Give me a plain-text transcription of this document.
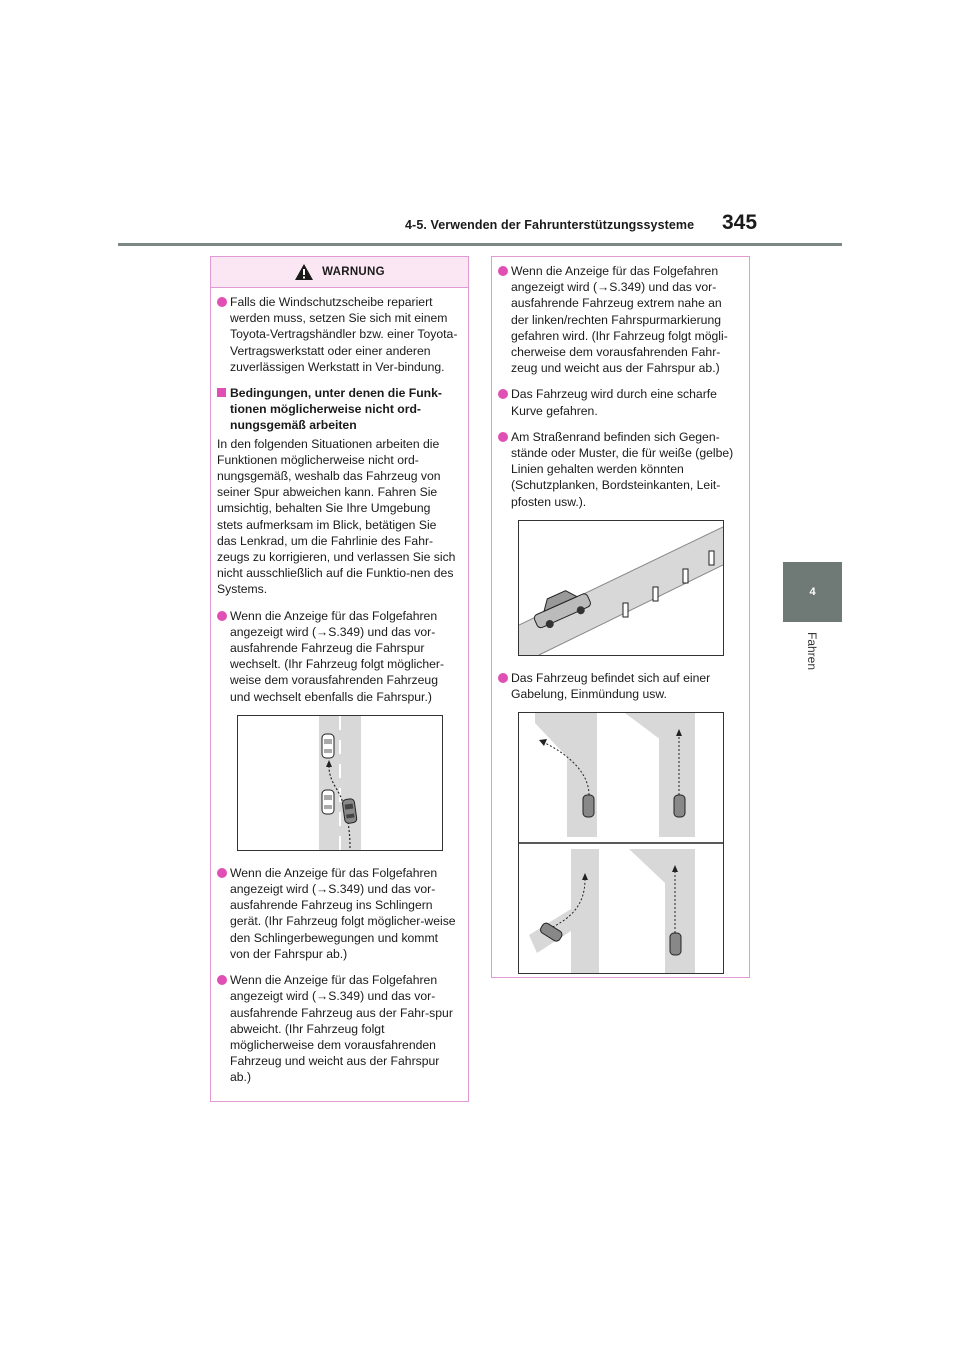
4-5. Verwenden der Fahrunterstützungssysteme 345
4
Fahren
WARNUNG
Falls die Windschutzscheibe repariert werden muss, setzen Sie sich mit einem Toyota-Vertragshändler bzw. einer Toyota-Vertragswerkstatt oder einer anderen zuverlässigen Werkstatt in Ver-bindung.
Bedingungen, unter denen die Funk-tionen möglicherweise nicht ord-nungsgemäß arbeiten
In den folgenden Situationen arbeiten die Funktionen möglicherweise nicht ord-nungsgemäß, weshalb das Fahrzeug von seiner Spur abweichen kann. Fahren Sie umsichtig, behalten Sie Ihre Umgebung stets aufmerksam im Blick, betätigen Sie das Lenkrad, um die Fahrlinie des Fahr-zeugs zu korrigieren, und verlassen Sie sich nicht ausschließlich auf die Funktio-nen des Systems.
Wenn die Anzeige für das Folgefahren angezeigt wird (→S.349) und das vor-ausfahrende Fahrzeug die Fahrspur wechselt. (Ihr Fahrzeug folgt möglicher-weise dem vorausfahrenden Fahrzeug und wechselt ebenfalls die Fahrspur.)
Wenn die Anzeige für das Folgefahren angezeigt wird (→S.349) und das vor-ausfahrende Fahrzeug ins Schlingern gerät. (Ihr Fahrzeug folgt möglicher-weise den Schlingerbewegungen und kommt von der Fahrspur ab.)
Wenn die Anzeige für das Folgefahren angezeigt wird (→S.349) und das vor-ausfahrende Fahrzeug aus der Fahr-spur abweicht. (Ihr Fahrzeug folgt möglicherweise dem vorausfahrenden Fahrzeug und weicht aus der Fahrspur ab.)
Wenn die Anzeige für das Folgefahren angezeigt wird (→S.349) und das vor-ausfahrende Fahrzeug extrem nahe an der linken/rechten Fahrspurmarkierung gefahren wird. (Ihr Fahrzeug folgt mögli-cherweise dem vorausfahrenden Fahr-zeug und weicht aus der Fahrspur ab.)
Das Fahrzeug wird durch eine scharfe Kurve gefahren.
Am Straßenrand befinden sich Gegen-stände oder Muster, die für weiße (gelbe) Linien gehalten werden könnten (Schutzplanken, Bordsteinkanten, Leit-pfosten usw.).
Das Fahrzeug befindet sich auf einer Gabelung, Einmündung usw.
